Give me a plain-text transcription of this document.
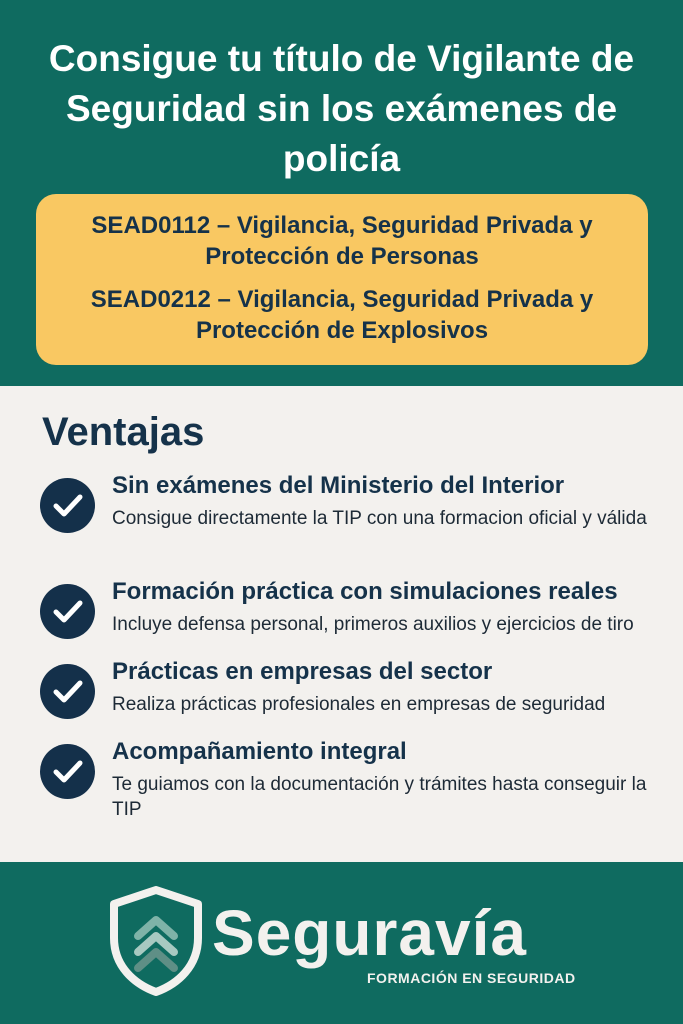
Consigue tu título de Vigilante de Seguridad sin los exámenes de policía
SEAD0112 – Vigilancia, Seguridad Privada y Protección de Personas
SEAD0212 – Vigilancia, Seguridad Privada y Protección de Explosivos
Ventajas
Sin exámenes del Ministerio del Interior
Consigue directamente la TIP con una formacion oficial y válida
Formación práctica con simulaciones reales
Incluye defensa personal, primeros auxilios y ejercicios de tiro
Prácticas en empresas del sector
Realiza prácticas profesionales en empresas de seguridad
Acompañamiento integral
Te guiamos con la documentación y trámites hasta conseguir la TIP
Seguravía
FORMACIÓN EN SEGURIDAD
